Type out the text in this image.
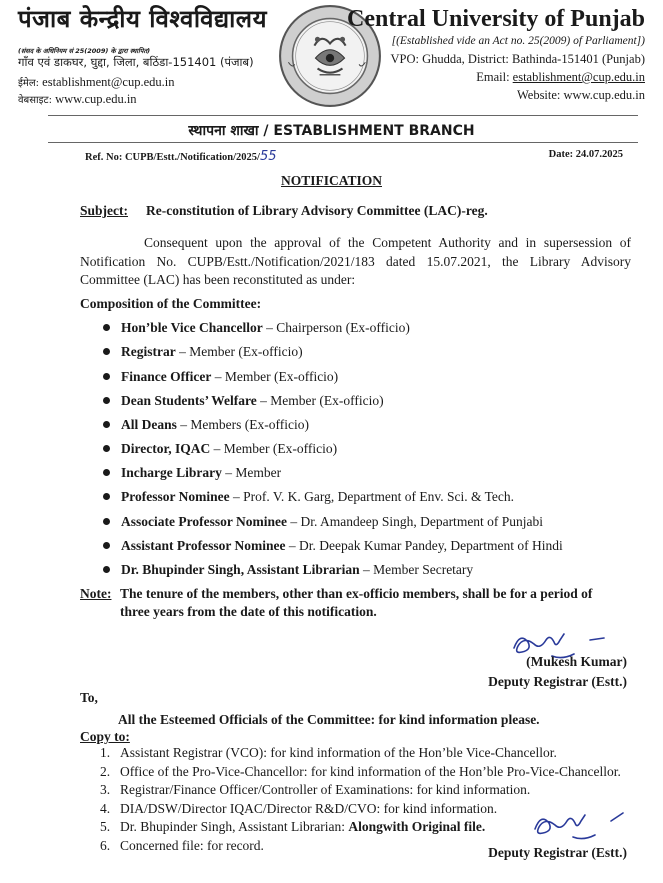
पंजाब केन्द्रीय विश्वविद्यालय
(संसद के अधिनियम सं 25(2009) के द्वारा स्थापित)
गाँव एवं डाकघर, घुद्दा, जिला, बठिंडा-151401 (पंजाब)
ईमेल: establishment@cup.edu.in
वेबसाइट: www.cup.edu.in
Central University of Punjab
[(Established vide an Act no. 25(2009) of Parliament])
VPO: Ghudda, District: Bathinda-151401 (Punjab)
Email: establishment@cup.edu.in
Website: www.cup.edu.in
स्थापना शाखा / ESTABLISHMENT BRANCH
Ref. No: CUPB/Estt./Notification/2025/55	Date: 24.07.2025
NOTIFICATION
Subject: Re-constitution of Library Advisory Committee (LAC)-reg.
Consequent upon the approval of the Competent Authority and in supersession of Notification No. CUPB/Estt./Notification/2021/183 dated 15.07.2021, the Library Advisory Committee (LAC) has been reconstituted as under:
Composition of the Committee:
Hon’ble Vice Chancellor – Chairperson (Ex-officio)
Registrar – Member (Ex-officio)
Finance Officer – Member (Ex-officio)
Dean Students’ Welfare – Member (Ex-officio)
All Deans – Members (Ex-officio)
Director, IQAC – Member (Ex-officio)
Incharge Library – Member
Professor Nominee – Prof. V. K. Garg, Department of Env. Sci. & Tech.
Associate Professor Nominee – Dr. Amandeep Singh, Department of Punjabi
Assistant Professor Nominee – Dr. Deepak Kumar Pandey, Department of Hindi
Dr. Bhupinder Singh, Assistant Librarian – Member Secretary
Note: The tenure of the members, other than ex-officio members, shall be for a period of three years from the date of this notification.
(Mukesh Kumar)
Deputy Registrar (Estt.)
To,
All the Esteemed Officials of the Committee: for kind information please.
Copy to:
1. Assistant Registrar (VCO): for kind information of the Hon’ble Vice-Chancellor.
2. Office of the Pro-Vice-Chancellor: for kind information of the Hon’ble Pro-Vice-Chancellor.
3. Registrar/Finance Officer/Controller of Examinations: for kind information.
4. DIA/DSW/Director IQAC/Director R&D/CVO: for kind information.
5. Dr. Bhupinder Singh, Assistant Librarian: Alongwith Original file.
6. Concerned file: for record.	Deputy Registrar (Estt.)
